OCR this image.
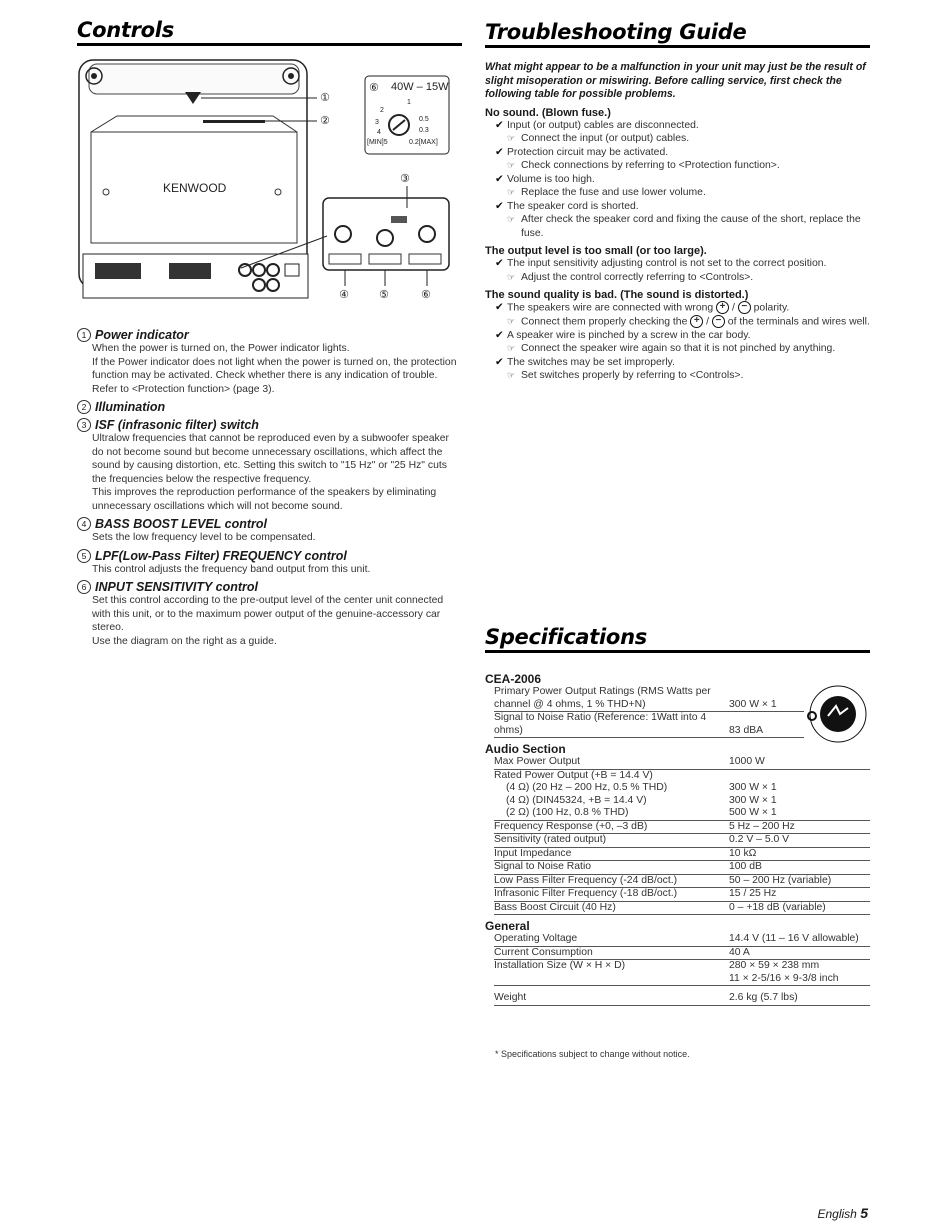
Controls
KENWOOD
①
②
⑥ 40W – 15W
1
2
3
4
0.5
0.3
[MIN]5	0.2[MAX]
③
④	⑤	⑥
1 Power indicator
When the power is turned on, the Power indicator lights.
If the Power indicator does not light when the power is turned on, the protection function may be activated. Check whether there is any indication of trouble. Refer to <Protection function> (page 3).
2 Illumination
3 ISF (infrasonic filter) switch
Ultralow frequencies that cannot be reproduced even by a subwoofer speaker do not become sound but become unnecessary oscillations, which affect the sound by causing distortion, etc. Setting this switch to "15 Hz" or "25 Hz" cuts the frequencies below the respective frequency.
This improves the reproduction performance of the speakers by eliminating unnecessary oscillations which will not become sound.
4 BASS BOOST LEVEL control
Sets the low frequency level to be compensated.
5 LPF(Low-Pass Filter) FREQUENCY control
This control adjusts the frequency band output from this unit.
6 INPUT SENSITIVITY control
Set this control according to the pre-output level of the center unit connected with this unit, or to the maximum power output of the genuine-accessory car stereo.
Use the diagram on the right as a guide.
Troubleshooting Guide
What might appear to be a malfunction in your unit may just be the result of slight misoperation or miswiring. Before calling service, first check the following table for possible problems.
No sound. (Blown fuse.)
✔ Input (or output) cables are disconnected.
☞ Connect the input (or output) cables.
✔ Protection circuit may be activated.
☞ Check connections by referring to <Protection function>.
✔ Volume is too high.
☞ Replace the fuse and use lower volume.
✔ The speaker cord is shorted.
☞ After check the speaker cord and fixing the cause of the short, replace the fuse.
The output level is too small (or too large).
✔ The input sensitivity adjusting control is not set to the correct position.
☞ Adjust the control correctly referring to <Controls>.
The sound quality is bad. (The sound is distorted.)
✔ The speakers wire are connected with wrong + / − polarity.
☞ Connect them properly checking the + / − of the terminals and wires well.
✔ A speaker wire is pinched by a screw in the car body.
☞ Connect the speaker wire again so that it is not pinched by anything.
✔ The switches may be set improperly.
☞ Set switches properly by referring to <Controls>.
Specifications
CEA-2006
Primary Power Output Ratings (RMS Watts per channel @ 4 ohms, 1 % THD+N)	300 W × 1
Signal to Noise Ratio (Reference: 1Watt into 4 ohms)	83 dBA
Audio Section
Max Power Output	1000 W
Rated Power Output (+B = 14.4 V)
(4 Ω) (20 Hz – 200 Hz, 0.5 % THD)	300 W × 1
(4 Ω) (DIN45324, +B = 14.4 V)	300 W × 1
(2 Ω) (100 Hz, 0.8 % THD)	500 W × 1
Frequency Response (+0, –3 dB)	5 Hz – 200 Hz
Sensitivity (rated output)	0.2 V – 5.0 V
Input Impedance	10 kΩ
Signal to Noise Ratio	100 dB
Low Pass Filter Frequency (-24 dB/oct.)	50 – 200 Hz (variable)
Infrasonic Filter Frequency (-18 dB/oct.)	15 / 25 Hz
Bass Boost Circuit (40 Hz)	0 – +18 dB (variable)
General
Operating Voltage	14.4 V (11 – 16 V allowable)
Current Consumption	40 A
Installation Size (W × H × D)	280 × 59 × 238 mm
11 × 2-5/16 × 9-3/8 inch
Weight	2.6 kg (5.7 lbs)
* Specifications subject to change without notice.
English 5
